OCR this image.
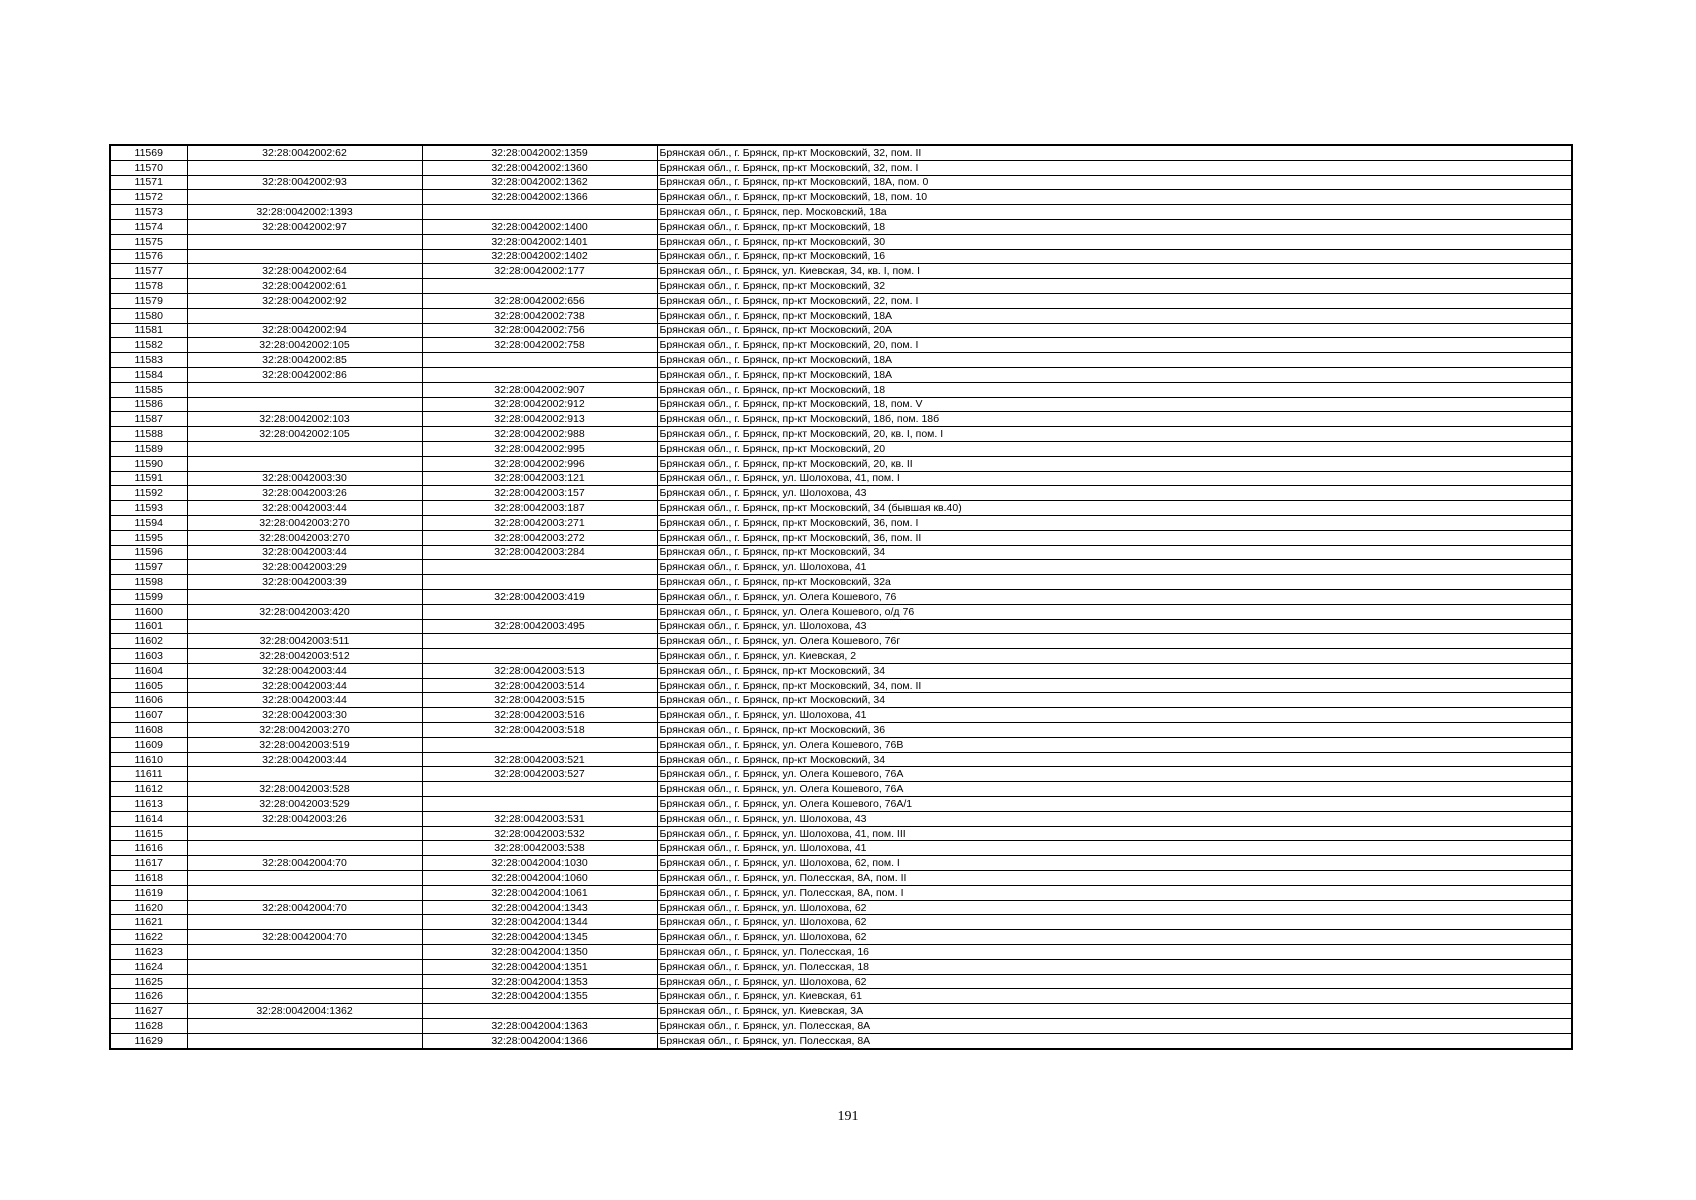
11569	32:28:0042002:62	32:28:0042002:1359	Брянская обл., г. Брянск, пр-кт Московский, 32, пом. II
11570		32:28:0042002:1360	Брянская обл., г. Брянск, пр-кт Московский, 32, пом. I
11571	32:28:0042002:93	32:28:0042002:1362	Брянская обл., г. Брянск, пр-кт Московский, 18А, пом. 0
11572		32:28:0042002:1366	Брянская обл., г. Брянск, пр-кт Московский, 18, пом. 10
11573	32:28:0042002:1393		Брянская обл., г. Брянск, пер. Московский, 18а
11574	32:28:0042002:97	32:28:0042002:1400	Брянская обл., г. Брянск, пр-кт Московский, 18
11575		32:28:0042002:1401	Брянская обл., г. Брянск, пр-кт Московский, 30
11576		32:28:0042002:1402	Брянская обл., г. Брянск, пр-кт Московский, 16
11577	32:28:0042002:64	32:28:0042002:177	Брянская обл., г. Брянск, ул. Киевская, 34, кв. I, пом. I
11578	32:28:0042002:61		Брянская обл., г. Брянск, пр-кт Московский, 32
11579	32:28:0042002:92	32:28:0042002:656	Брянская обл., г. Брянск, пр-кт Московский, 22, пом. I
11580		32:28:0042002:738	Брянская обл., г. Брянск, пр-кт Московский, 18А
11581	32:28:0042002:94	32:28:0042002:756	Брянская обл., г. Брянск, пр-кт Московский, 20А
11582	32:28:0042002:105	32:28:0042002:758	Брянская обл., г. Брянск, пр-кт Московский, 20, пом. I
11583	32:28:0042002:85		Брянская обл., г. Брянск, пр-кт Московский, 18А
11584	32:28:0042002:86		Брянская обл., г. Брянск, пр-кт Московский, 18А
11585		32:28:0042002:907	Брянская обл., г. Брянск, пр-кт Московский, 18
11586		32:28:0042002:912	Брянская обл., г. Брянск, пр-кт Московский, 18, пом. V
11587	32:28:0042002:103	32:28:0042002:913	Брянская обл., г. Брянск, пр-кт Московский, 18б, пом. 18б
11588	32:28:0042002:105	32:28:0042002:988	Брянская обл., г. Брянск, пр-кт Московский, 20, кв. I, пом. I
11589		32:28:0042002:995	Брянская обл., г. Брянск, пр-кт Московский, 20
11590		32:28:0042002:996	Брянская обл., г. Брянск, пр-кт Московский, 20, кв. II
11591	32:28:0042003:30	32:28:0042003:121	Брянская обл., г. Брянск, ул. Шолохова, 41, пом. I
11592	32:28:0042003:26	32:28:0042003:157	Брянская обл., г. Брянск, ул. Шолохова, 43
11593	32:28:0042003:44	32:28:0042003:187	Брянская обл., г. Брянск, пр-кт Московский, 34 (бывшая кв.40)
11594	32:28:0042003:270	32:28:0042003:271	Брянская обл., г. Брянск, пр-кт Московский, 36, пом. I
11595	32:28:0042003:270	32:28:0042003:272	Брянская обл., г. Брянск, пр-кт Московский, 36, пом. II
11596	32:28:0042003:44	32:28:0042003:284	Брянская обл., г. Брянск, пр-кт Московский, 34
11597	32:28:0042003:29		Брянская обл., г. Брянск, ул. Шолохова, 41
11598	32:28:0042003:39		Брянская обл., г. Брянск, пр-кт Московский, 32а
11599		32:28:0042003:419	Брянская обл., г. Брянск, ул. Олега Кошевого, 76
11600	32:28:0042003:420		Брянская обл., г. Брянск, ул. Олега Кошевого, о/д 76
11601		32:28:0042003:495	Брянская обл., г. Брянск, ул. Шолохова, 43
11602	32:28:0042003:511		Брянская обл., г. Брянск, ул. Олега Кошевого, 76г
11603	32:28:0042003:512		Брянская обл., г. Брянск, ул. Киевская, 2
11604	32:28:0042003:44	32:28:0042003:513	Брянская обл., г. Брянск, пр-кт Московский, 34
11605	32:28:0042003:44	32:28:0042003:514	Брянская обл., г. Брянск, пр-кт Московский, 34, пом. II
11606	32:28:0042003:44	32:28:0042003:515	Брянская обл., г. Брянск, пр-кт Московский, 34
11607	32:28:0042003:30	32:28:0042003:516	Брянская обл., г. Брянск, ул. Шолохова, 41
11608	32:28:0042003:270	32:28:0042003:518	Брянская обл., г. Брянск, пр-кт Московский, 36
11609	32:28:0042003:519		Брянская обл., г. Брянск, ул. Олега Кошевого, 76В
11610	32:28:0042003:44	32:28:0042003:521	Брянская обл., г. Брянск, пр-кт Московский, 34
11611		32:28:0042003:527	Брянская обл., г. Брянск, ул. Олега Кошевого, 76А
11612	32:28:0042003:528		Брянская обл., г. Брянск, ул. Олега Кошевого, 76А
11613	32:28:0042003:529		Брянская обл., г. Брянск, ул. Олега Кошевого, 76А/1
11614	32:28:0042003:26	32:28:0042003:531	Брянская обл., г. Брянск, ул. Шолохова, 43
11615		32:28:0042003:532	Брянская обл., г. Брянск, ул. Шолохова, 41, пом. III
11616		32:28:0042003:538	Брянская обл., г. Брянск, ул. Шолохова, 41
11617	32:28:0042004:70	32:28:0042004:1030	Брянская обл., г. Брянск, ул. Шолохова, 62, пом. I
11618		32:28:0042004:1060	Брянская обл., г. Брянск, ул. Полесская, 8А, пом. II
11619		32:28:0042004:1061	Брянская обл., г. Брянск, ул. Полесская, 8А, пом. I
11620	32:28:0042004:70	32:28:0042004:1343	Брянская обл., г. Брянск, ул. Шолохова, 62
11621		32:28:0042004:1344	Брянская обл., г. Брянск, ул. Шолохова, 62
11622	32:28:0042004:70	32:28:0042004:1345	Брянская обл., г. Брянск, ул. Шолохова, 62
11623		32:28:0042004:1350	Брянская обл., г. Брянск, ул. Полесская, 16
11624		32:28:0042004:1351	Брянская обл., г. Брянск, ул. Полесская, 18
11625		32:28:0042004:1353	Брянская обл., г. Брянск, ул. Шолохова, 62
11626		32:28:0042004:1355	Брянская обл., г. Брянск, ул. Киевская, 61
11627	32:28:0042004:1362		Брянская обл., г. Брянск, ул. Киевская, 3А
11628		32:28:0042004:1363	Брянская обл., г. Брянск, ул. Полесская, 8А
11629		32:28:0042004:1366	Брянская обл., г. Брянск, ул. Полесская, 8А
191
